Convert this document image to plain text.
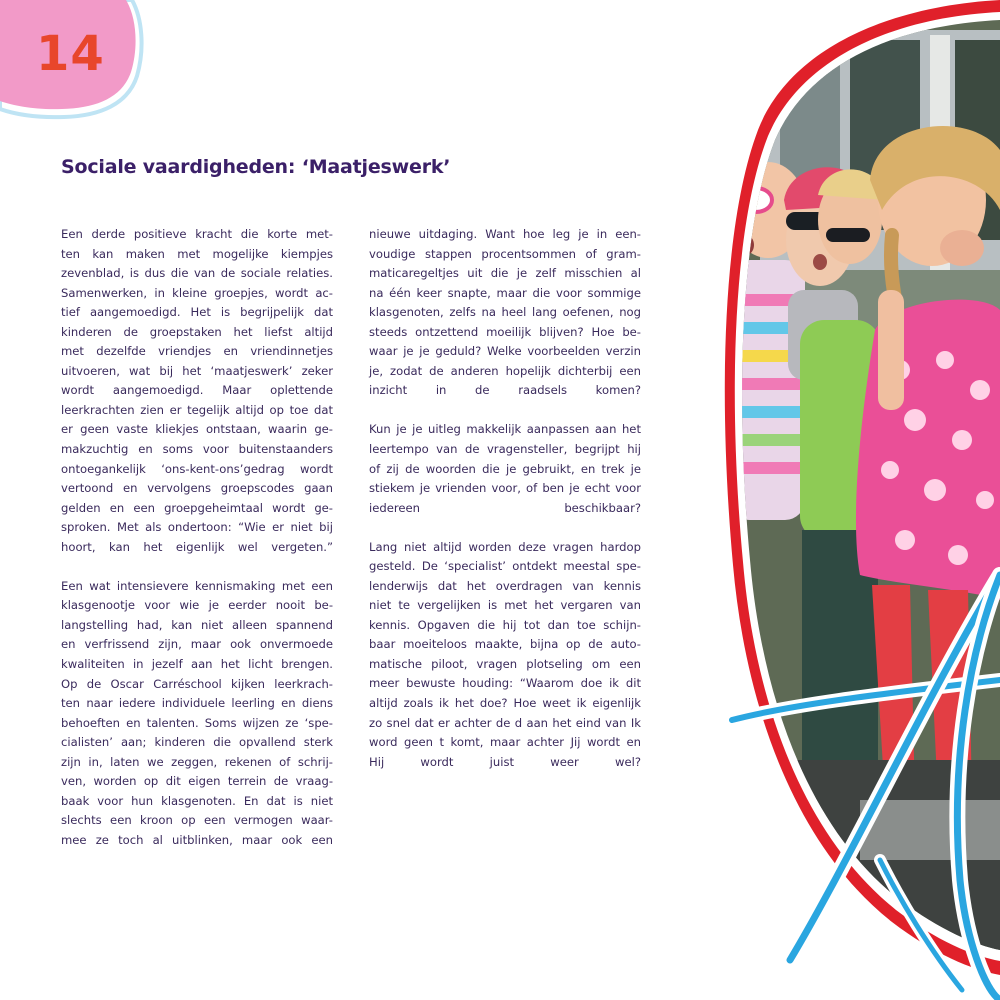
14
Sociale vaardigheden: ‘Maatjeswerk’

Een derde positieve kracht die korte met-
ten kan maken met mogelijke kiempjes
zevenblad, is dus die van de sociale relaties.
Samenwerken, in kleine groepjes, wordt ac-
tief aangemoedigd. Het is begrijpelijk dat
kinderen de groepstaken het liefst altijd
met dezelfde vriendjes en vriendinnetjes
uitvoeren, wat bij het ‘maatjeswerk’ zeker
wordt aangemoedigd. Maar oplettende
leerkrachten zien er tegelijk altijd op toe dat
er geen vaste kliekjes ontstaan, waarin ge-
makzuchtig en soms voor buitenstaanders
ontoegankelijk ‘ons-kent-ons’gedrag wordt
vertoond en vervolgens groepscodes gaan
gelden en een groepgeheimtaal wordt ge-
sproken. Met als ondertoon: “Wie er niet bij
hoort, kan het eigenlijk wel vergeten.”

Een wat intensievere kennismaking met een
klasgenootje voor wie je eerder nooit be-
langstelling had, kan niet alleen spannend
en verfrissend zijn, maar ook onvermoede
kwaliteiten in jezelf aan het licht brengen.
Op de Oscar Carréschool kijken leerkrach-
ten naar iedere individuele leerling en diens
behoeften en talenten. Soms wijzen ze ‘spe-
cialisten’ aan; kinderen die opvallend sterk
zijn in, laten we zeggen, rekenen of schrij-
ven, worden op dit eigen terrein de vraag-
baak voor hun klasgenoten. En dat is niet
slechts een kroon op een vermogen waar-
mee ze toch al uitblinken, maar ook een

nieuwe uitdaging. Want hoe leg je in een-
voudige stappen procentsommen of gram-
maticaregeltjes uit die je zelf misschien al
na één keer snapte, maar die voor sommige
klasgenoten, zelfs na heel lang oefenen, nog
steeds ontzettend moeilijk blijven? Hoe be-
waar je je geduld? Welke voorbeelden verzin
je, zodat de anderen hopelijk dichterbij een
inzicht in de raadsels komen?

Kun je je uitleg makkelijk aanpassen aan het
leertempo van de vragensteller, begrijpt hij
of zij de woorden die je gebruikt, en trek je
stiekem je vrienden voor, of ben je echt voor
iedereen beschikbaar?

Lang niet altijd worden deze vragen hardop
gesteld. De ‘specialist’ ontdekt meestal spe-
lenderwijs dat het overdragen van kennis
niet te vergelijken is met het vergaren van
kennis. Opgaven die hij tot dan toe schijn-
baar moeiteloos maakte, bijna op de auto-
matische piloot, vragen plotseling om een
meer bewuste houding: “Waarom doe ik dit
altijd zoals ik het doe? Hoe weet ik eigenlijk
zo snel dat er achter de d aan het eind van Ik
word geen t komt, maar achter Jij wordt en
Hij wordt juist weer wel?
